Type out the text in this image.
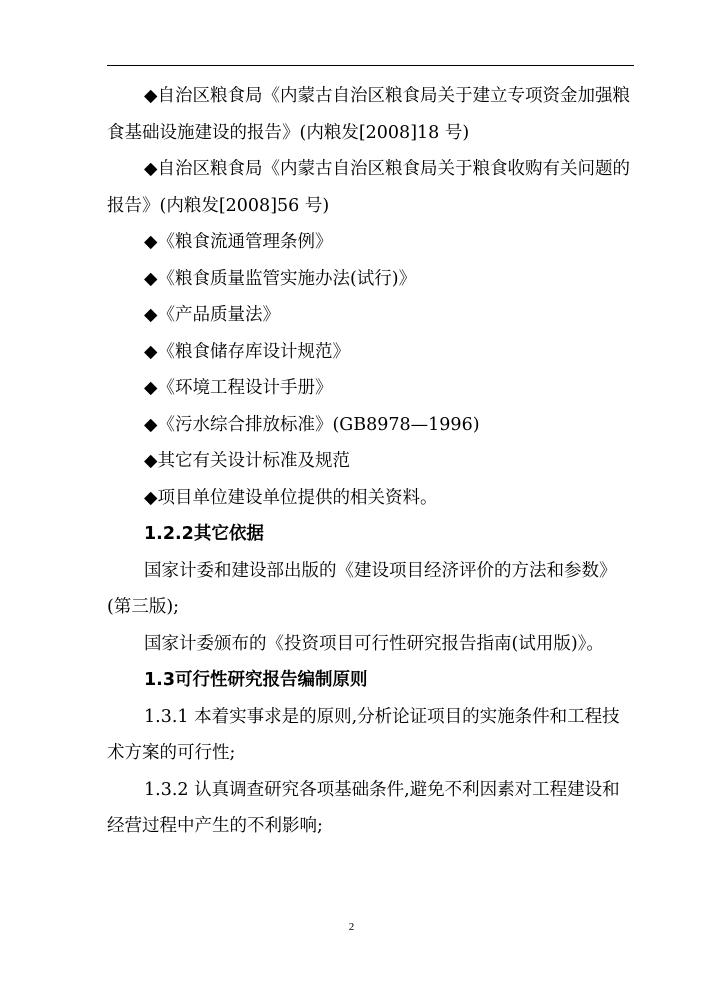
◆自治区粮食局《内蒙古自治区粮食局关于建立专项资金加强粮食基础设施建设的报告》(内粮发[2008]18 号)

◆自治区粮食局《内蒙古自治区粮食局关于粮食收购有关问题的报告》(内粮发[2008]56 号)

◆《粮食流通管理条例》

◆《粮食质量监管实施办法(试行)》

◆《产品质量法》

◆《粮食储存库设计规范》

◆《环境工程设计手册》

◆《污水综合排放标准》(GB8978—1996)

◆其它有关设计标准及规范

◆项目单位建设单位提供的相关资料。

1.2.2其它依据

国家计委和建设部出版的《建设项目经济评价的方法和参数》(第三版);

国家计委颁布的《投资项目可行性研究报告指南(试用版)》。

1.3可行性研究报告编制原则

1.3.1 本着实事求是的原则,分析论证项目的实施条件和工程技术方案的可行性;

1.3.2 认真调查研究各项基础条件,避免不利因素对工程建设和经营过程中产生的不利影响;

2
